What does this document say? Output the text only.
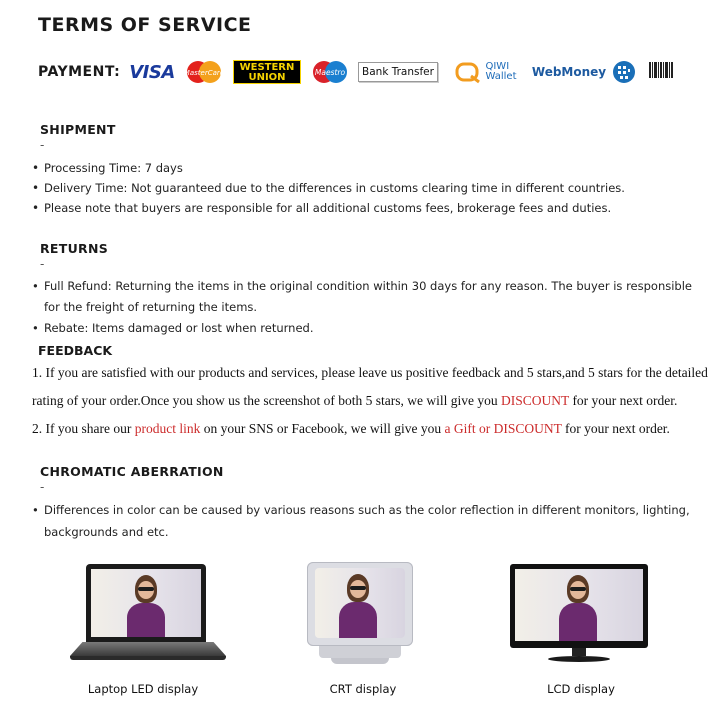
TERMS OF SERVICE
PAYMENT: VISA MasterCard	WESTERN
UNION	Maestro	Bank Transfer	QIWI
Wallet WebMoney
SHIPMENT
-
• Processing Time: 7 days
• Delivery Time: Not guaranteed due to the differences in customs clearing time in different countries.
• Please note that buyers are responsible for all additional customs fees, brokerage fees and duties.
RETURNS
-
• Full Refund: Returning the items in the original condition within 30 days for any reason. The buyer is responsible
for the freight of returning the items.
• Rebate: Items damaged or lost when returned.
FEEDBACK
1. If you are satisfied with our products and services, please leave us positive feedback and 5 stars,and 5 stars for the detailed
rating of your order.Once you show us the screenshot of both 5 stars, we will give you DISCOUNT for your next order.
2. If you share our product link on your SNS or Facebook, we will give you a Gift or DISCOUNT for your next order.
CHROMATIC ABERRATION
-
• Differences in color can be caused by various reasons such as the color reflection in different monitors, lighting,
backgrounds and etc.
Laptop LED display	CRT display	LCD display
